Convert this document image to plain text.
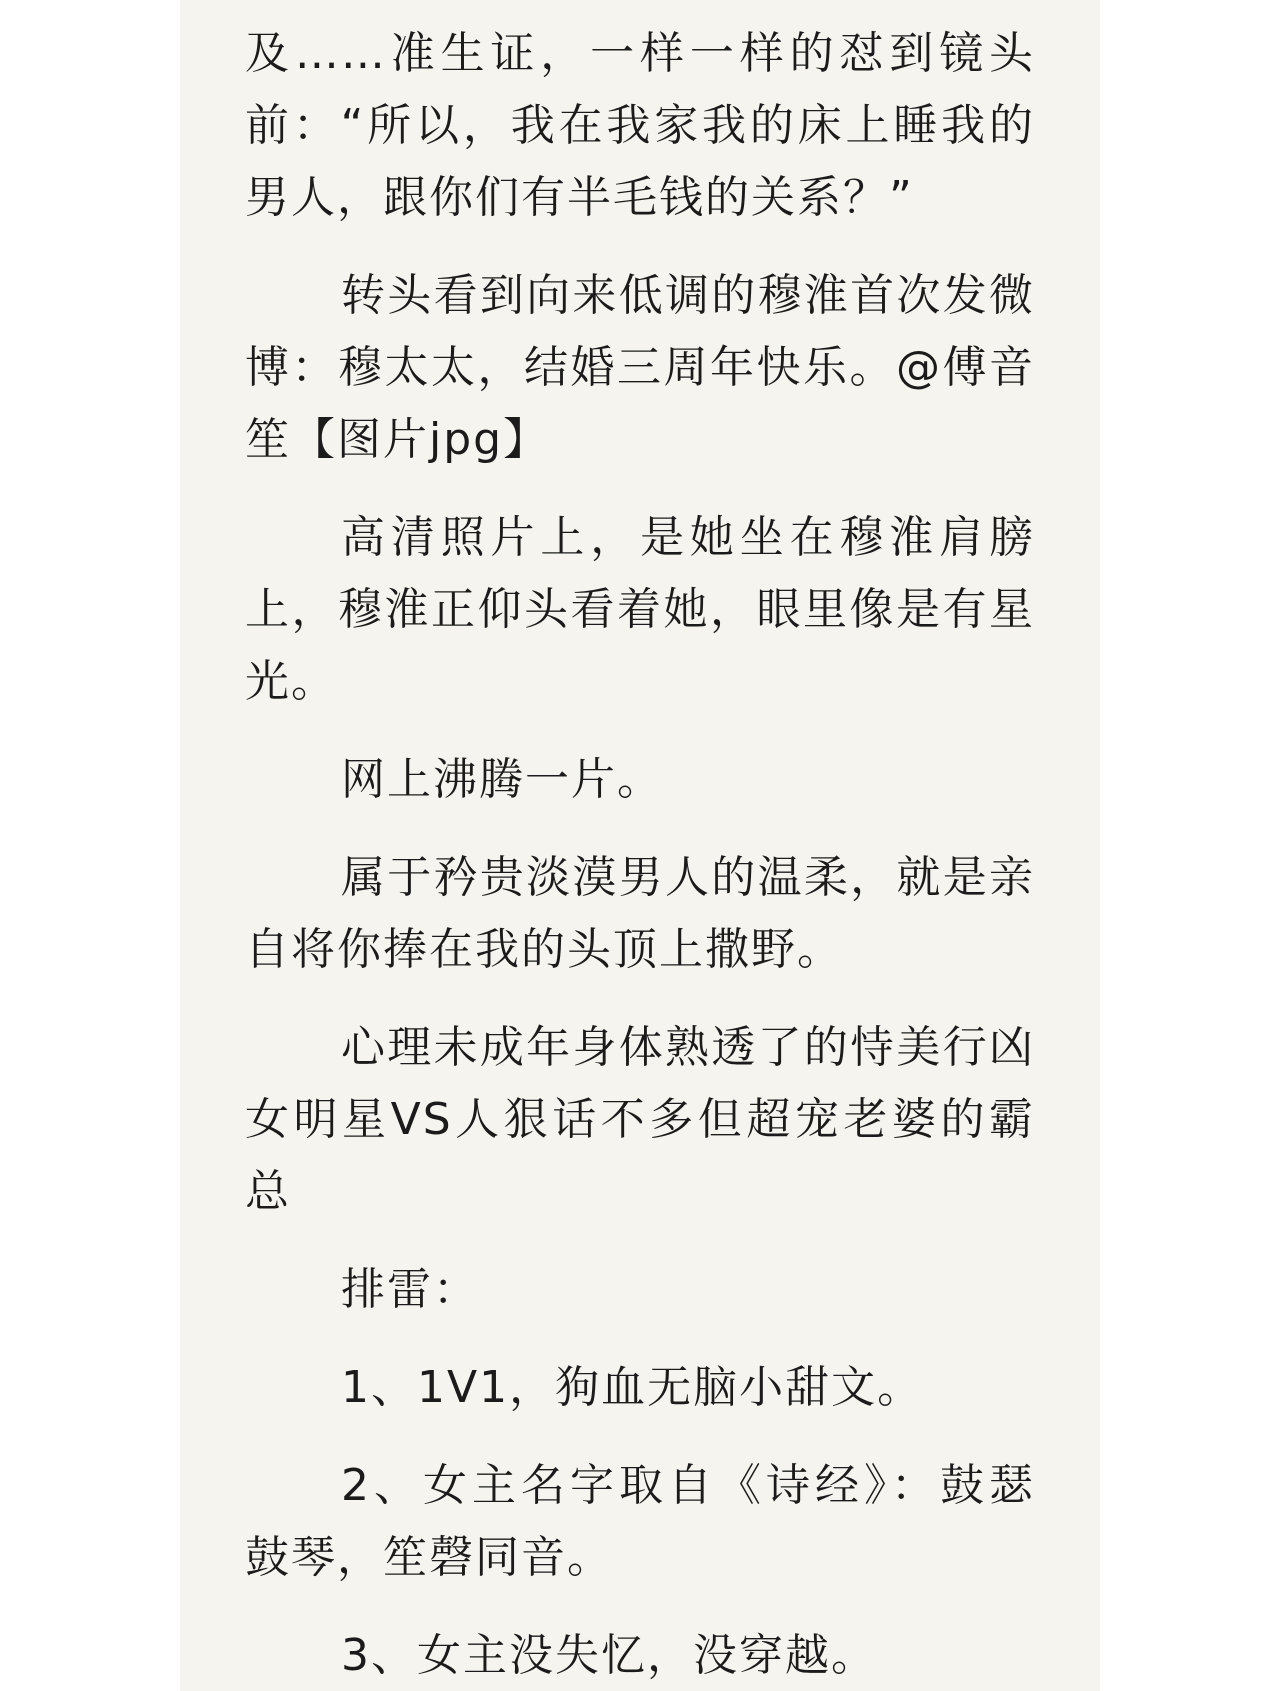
及……准生证，一样一样的怼到镜头前：“所以，我在我家我的床上睡我的男人，跟你们有半毛钱的关系？”

转头看到向来低调的穆淮首次发微博：穆太太，结婚三周年快乐。@傅音笙【图片jpg】

高清照片上，是她坐在穆淮肩膀上，穆淮正仰头看着她，眼里像是有星光。

网上沸腾一片。

属于矜贵淡漠男人的温柔，就是亲自将你捧在我的头顶上撒野。

心理未成年身体熟透了的恃美行凶女明星VS人狠话不多但超宠老婆的霸总

排雷：

1、1V1，狗血无脑小甜文。

2、女主名字取自《诗经》：鼓瑟鼓琴，笙磬同音。

3、女主没失忆，没穿越。
